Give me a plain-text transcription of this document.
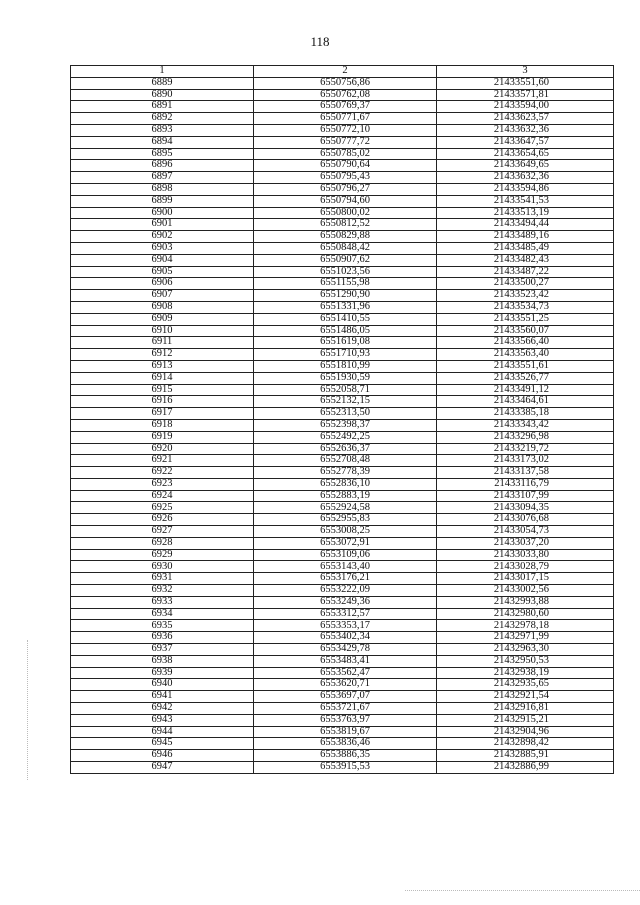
118
1	2	3
6889	6550756,86	21433551,60
6890	6550762,08	21433571,81
6891	6550769,37	21433594,00
6892	6550771,67	21433623,57
6893	6550772,10	21433632,36
6894	6550777,72	21433647,57
6895	6550785,02	21433654,65
6896	6550790,64	21433649,65
6897	6550795,43	21433632,36
6898	6550796,27	21433594,86
6899	6550794,60	21433541,53
6900	6550800,02	21433513,19
6901	6550812,52	21433494,44
6902	6550829,88	21433489,16
6903	6550848,42	21433485,49
6904	6550907,62	21433482,43
6905	6551023,56	21433487,22
6906	6551155,98	21433500,27
6907	6551290,90	21433523,42
6908	6551331,96	21433534,73
6909	6551410,55	21433551,25
6910	6551486,05	21433560,07
6911	6551619,08	21433566,40
6912	6551710,93	21433563,40
6913	6551810,99	21433551,61
6914	6551930,59	21433526,77
6915	6552058,71	21433491,12
6916	6552132,15	21433464,61
6917	6552313,50	21433385,18
6918	6552398,37	21433343,42
6919	6552492,25	21433296,98
6920	6552636,37	21433219,72
6921	6552708,48	21433173,02
6922	6552778,39	21433137,58
6923	6552836,10	21433116,79
6924	6552883,19	21433107,99
6925	6552924,58	21433094,35
6926	6552955,83	21433076,68
6927	6553008,25	21433054,73
6928	6553072,91	21433037,20
6929	6553109,06	21433033,80
6930	6553143,40	21433028,79
6931	6553176,21	21433017,15
6932	6553222,09	21433002,56
6933	6553249,36	21432993,88
6934	6553312,57	21432980,60
6935	6553353,17	21432978,18
6936	6553402,34	21432971,99
6937	6553429,78	21432963,30
6938	6553483,41	21432950,53
6939	6553562,47	21432938,19
6940	6553620,71	21432935,65
6941	6553697,07	21432921,54
6942	6553721,67	21432916,81
6943	6553763,97	21432915,21
6944	6553819,67	21432904,96
6945	6553836,46	21432898,42
6946	6553886,35	21432885,91
6947	6553915,53	21432886,99
